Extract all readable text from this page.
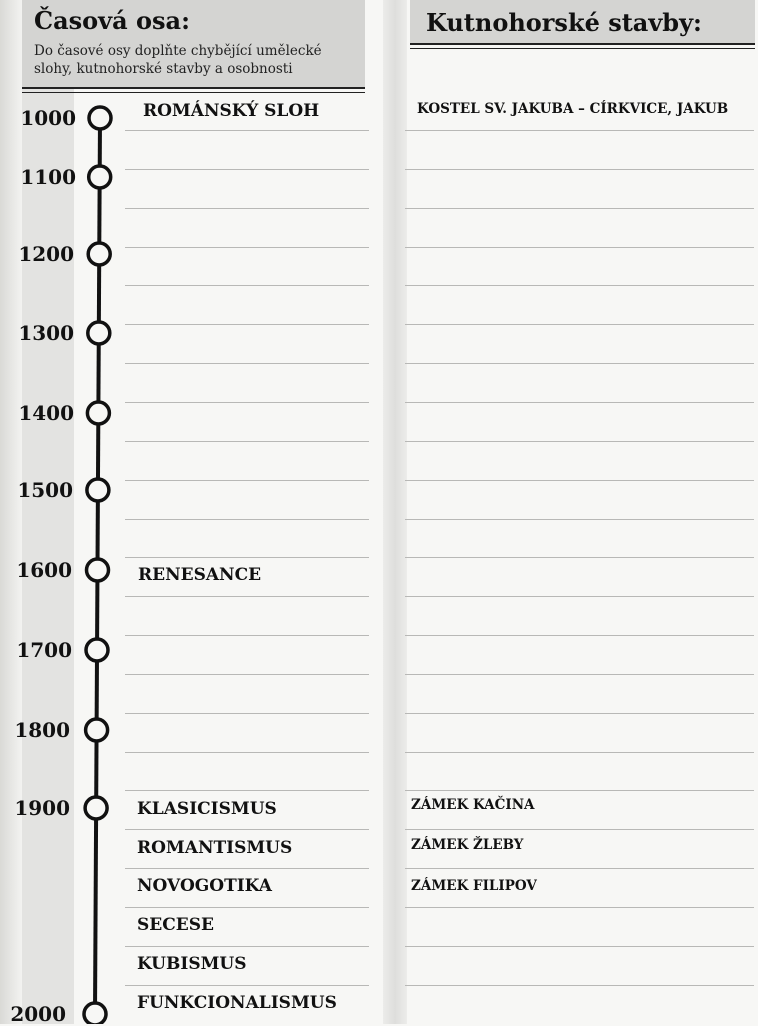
Časová osa:
Do časové osy doplňte chybějící umělecké slohy, kutnohorské stavby a osobnosti
Kutnohorské stavby:
1000
1100
1200
1300
1400
1500
1600
1700
1800
1900
2000
ROMÁNSKÝ SLOH
RENESANCE
KLASICISMUS
ROMANTISMUS
NOVOGOTIKA
SECESE
KUBISMUS
FUNKCIONALISMUS
KOSTEL SV. JAKUBA – CÍRKVICE, JAKUB
ZÁMEK KAČINA
ZÁMEK ŽLEBY
ZÁMEK FILIPOV
